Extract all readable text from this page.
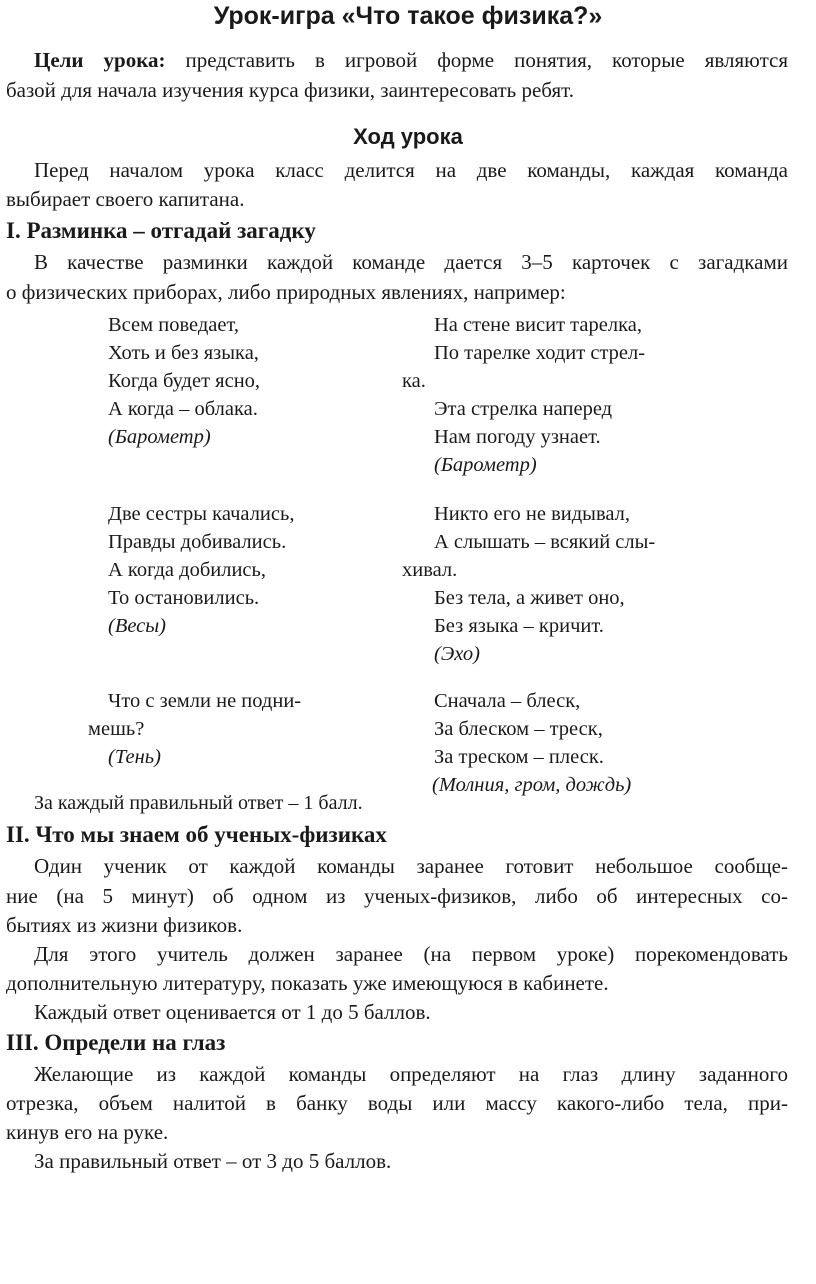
Урок-игра «Что такое физика?»
Цели урока: представить в игровой форме понятия, которые являются
базой для начала изучения курса физики, заинтересовать ребят.
Ход урока
Перед началом урока класс делится на две команды, каждая команда
выбирает своего капитана.
I. Разминка – отгадай загадку
В качестве разминки каждой команде дается 3–5 карточек с загадками
о физических приборах, либо природных явлениях, например:
Всем поведает,
Хоть и без языка,
Когда будет ясно,
А когда – облака.
(Барометр)
На стене висит тарелка,
По тарелке ходит стрел-
ка.
Эта стрелка наперед
Нам погоду узнает.
(Барометр)
Две сестры качались,
Правды добивались.
А когда добились,
То остановились.
(Весы)
Никто его не видывал,
А слышать – всякий слы-
хивал.
Без тела, а живет оно,
Без языка – кричит.
(Эхо)
Что с земли не подни-
мешь?
(Тень)
Сначала – блеск,
За блеском – треск,
За треском – плеск.
(Молния, гром, дождь)
За каждый правильный ответ – 1 балл.
II. Что мы знаем об ученых-физиках
Один ученик от каждой команды заранее готовит небольшое сообще-
ние (на 5 минут) об одном из ученых-физиков, либо об интересных со-
бытиях из жизни физиков.
Для этого учитель должен заранее (на первом уроке) порекомендовать
дополнительную литературу, показать уже имеющуюся в кабинете.
Каждый ответ оценивается от 1 до 5 баллов.
III. Определи на глаз
Желающие из каждой команды определяют на глаз длину заданного
отрезка, объем налитой в банку воды или массу какого-либо тела, при-
кинув его на руке.
За правильный ответ – от 3 до 5 баллов.
